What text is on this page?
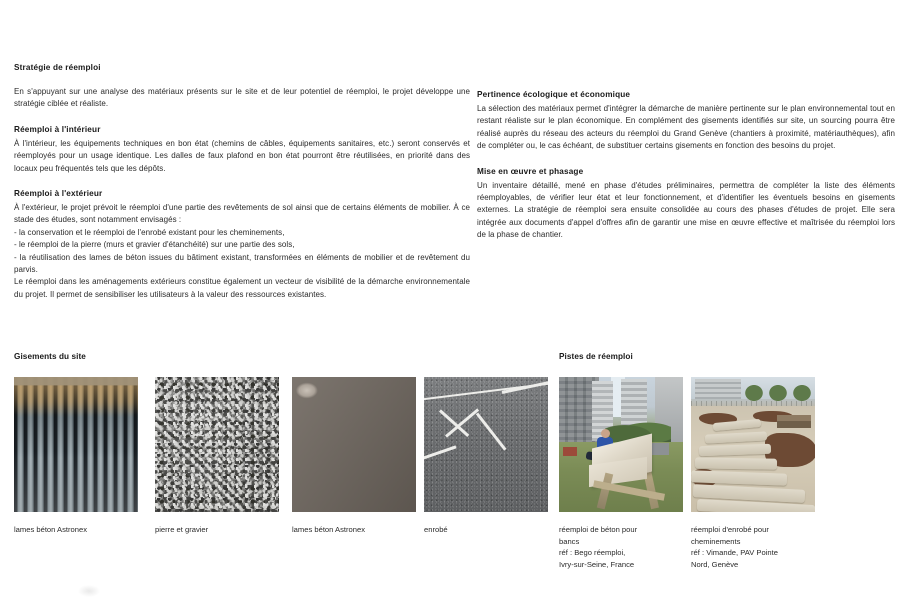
Stratégie de réemploi

En s'appuyant sur une analyse des matériaux présents sur le site et de leur potentiel de réemploi, le projet développe une stratégie ciblée et réaliste.

Réemploi à l'intérieur

À l'intérieur, les équipements techniques en bon état (chemins de câbles, équipements sanitaires, etc.) seront conservés et réemployés pour un usage identique. Les dalles de faux plafond en bon état pourront être réutilisées, en priorité dans des locaux peu fréquentés tels que les dépôts.

Réemploi à l'extérieur

À l'extérieur, le projet prévoit le réemploi d'une partie des revêtements de sol ainsi que de certains éléments de mobilier. À ce stade des études, sont notamment envisagés :

- la conservation et le réemploi de l'enrobé existant pour les cheminements,

- le réemploi de la pierre (murs et gravier d'étanchéité) sur une partie des sols,

- la réutilisation des lames de béton issues du bâtiment existant, transformées en éléments de mobilier et de revêtement du parvis.

Le réemploi dans les aménagements extérieurs constitue également un vecteur de visibilité de la démarche environnementale du projet. Il permet de sensibiliser les utilisateurs à la valeur des ressources existantes.

Pertinence écologique et économique

La sélection des matériaux permet d'intégrer la démarche de manière pertinente sur le plan environnemental tout en restant réaliste sur le plan économique. En complément des gisements identifiés sur site, un sourcing pourra être réalisé auprès du réseau des acteurs du réemploi du Grand Genève (chantiers à proximité, matériauthèques), afin de compléter ou, le cas échéant, de substituer certains gisements en fonction des besoins du projet.

Mise en œuvre et phasage

Un inventaire détaillé, mené en phase d'études préliminaires, permettra de compléter la liste des éléments réemployables, de vérifier leur état et leur fonctionnement, et d'identifier les éventuels besoins en gisements externes. La stratégie de réemploi sera ensuite consolidée au cours des phases d'études de projet. Elle sera intégrée aux documents d'appel d'offres afin de garantir une mise en œuvre effective et maîtrisée du réemploi lors de la phase de chantier.

Gisements du site	Pistes de réemploi
lames béton Astronex	pierre et gravier	lames béton Astronex	enrobé	réemploi de béton pour
bancs
réf : Bego réemploi,
Ivry-sur-Seine, France
réemploi d'enrobé pour
cheminements
réf : Vimande, PAV Pointe
Nord, Genève
